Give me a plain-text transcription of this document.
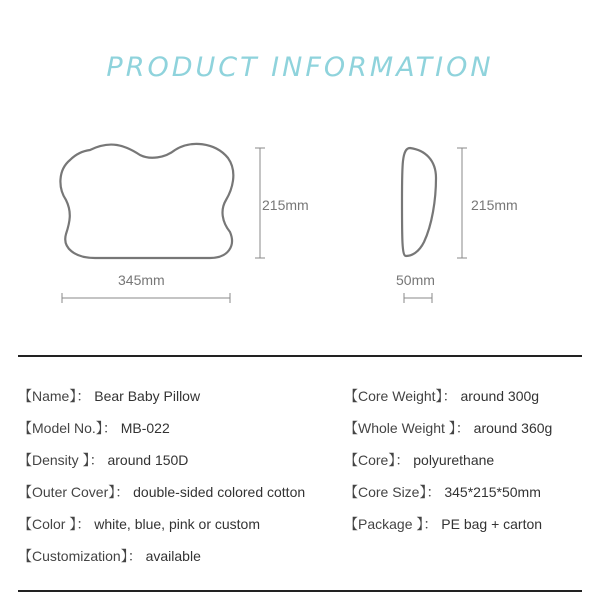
PRODUCT INFORMATION
215mm
345mm
215mm
50mm
【Name】： Bear Baby Pillow
【Model No.】： MB-022
【Density 】： around 150D
【Outer Cover】： double-sided colored cotton
【Color 】： white, blue, pink or custom
【Customization】： available
【Core Weight】： around 300g
【Whole Weight 】： around 360g
【Core】： polyurethane
【Core Size】： 345*215*50mm
【Package 】： PE bag + carton
